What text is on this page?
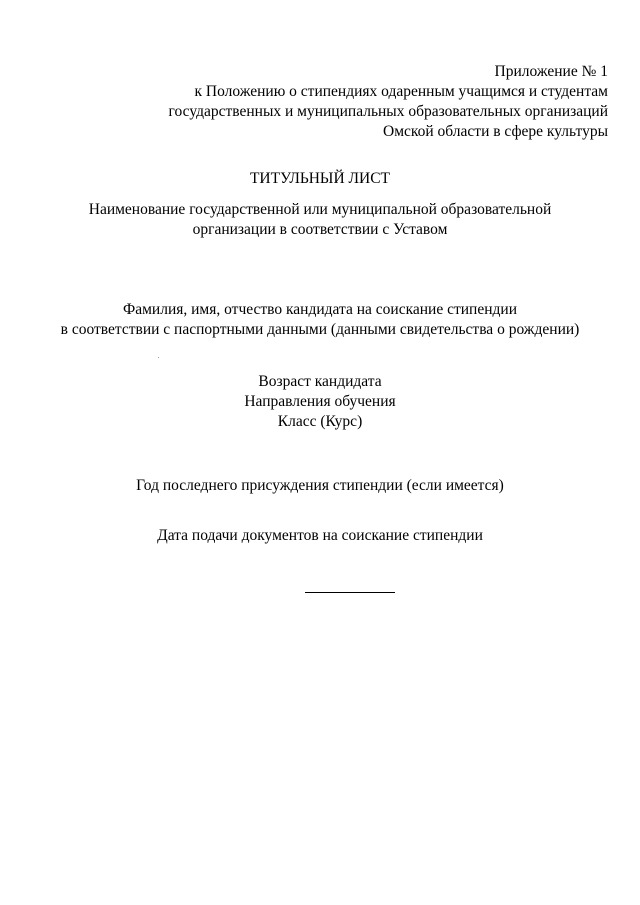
Приложение № 1
к Положению о стипендиях одаренным учащимся и студентам
государственных и муниципальных образовательных организаций
Омской области в сфере культуры
ТИТУЛЬНЫЙ ЛИСТ
Наименование государственной или муниципальной образовательной
организации в соответствии с Уставом
Фамилия, имя, отчество кандидата на соискание стипендии
в соответствии с паспортными данными (данными свидетельства о рождении)
Возраст кандидата
Направления обучения
Класс (Курс)
Год последнего присуждения стипендии (если имеется)
Дата подачи документов на соискание стипендии
